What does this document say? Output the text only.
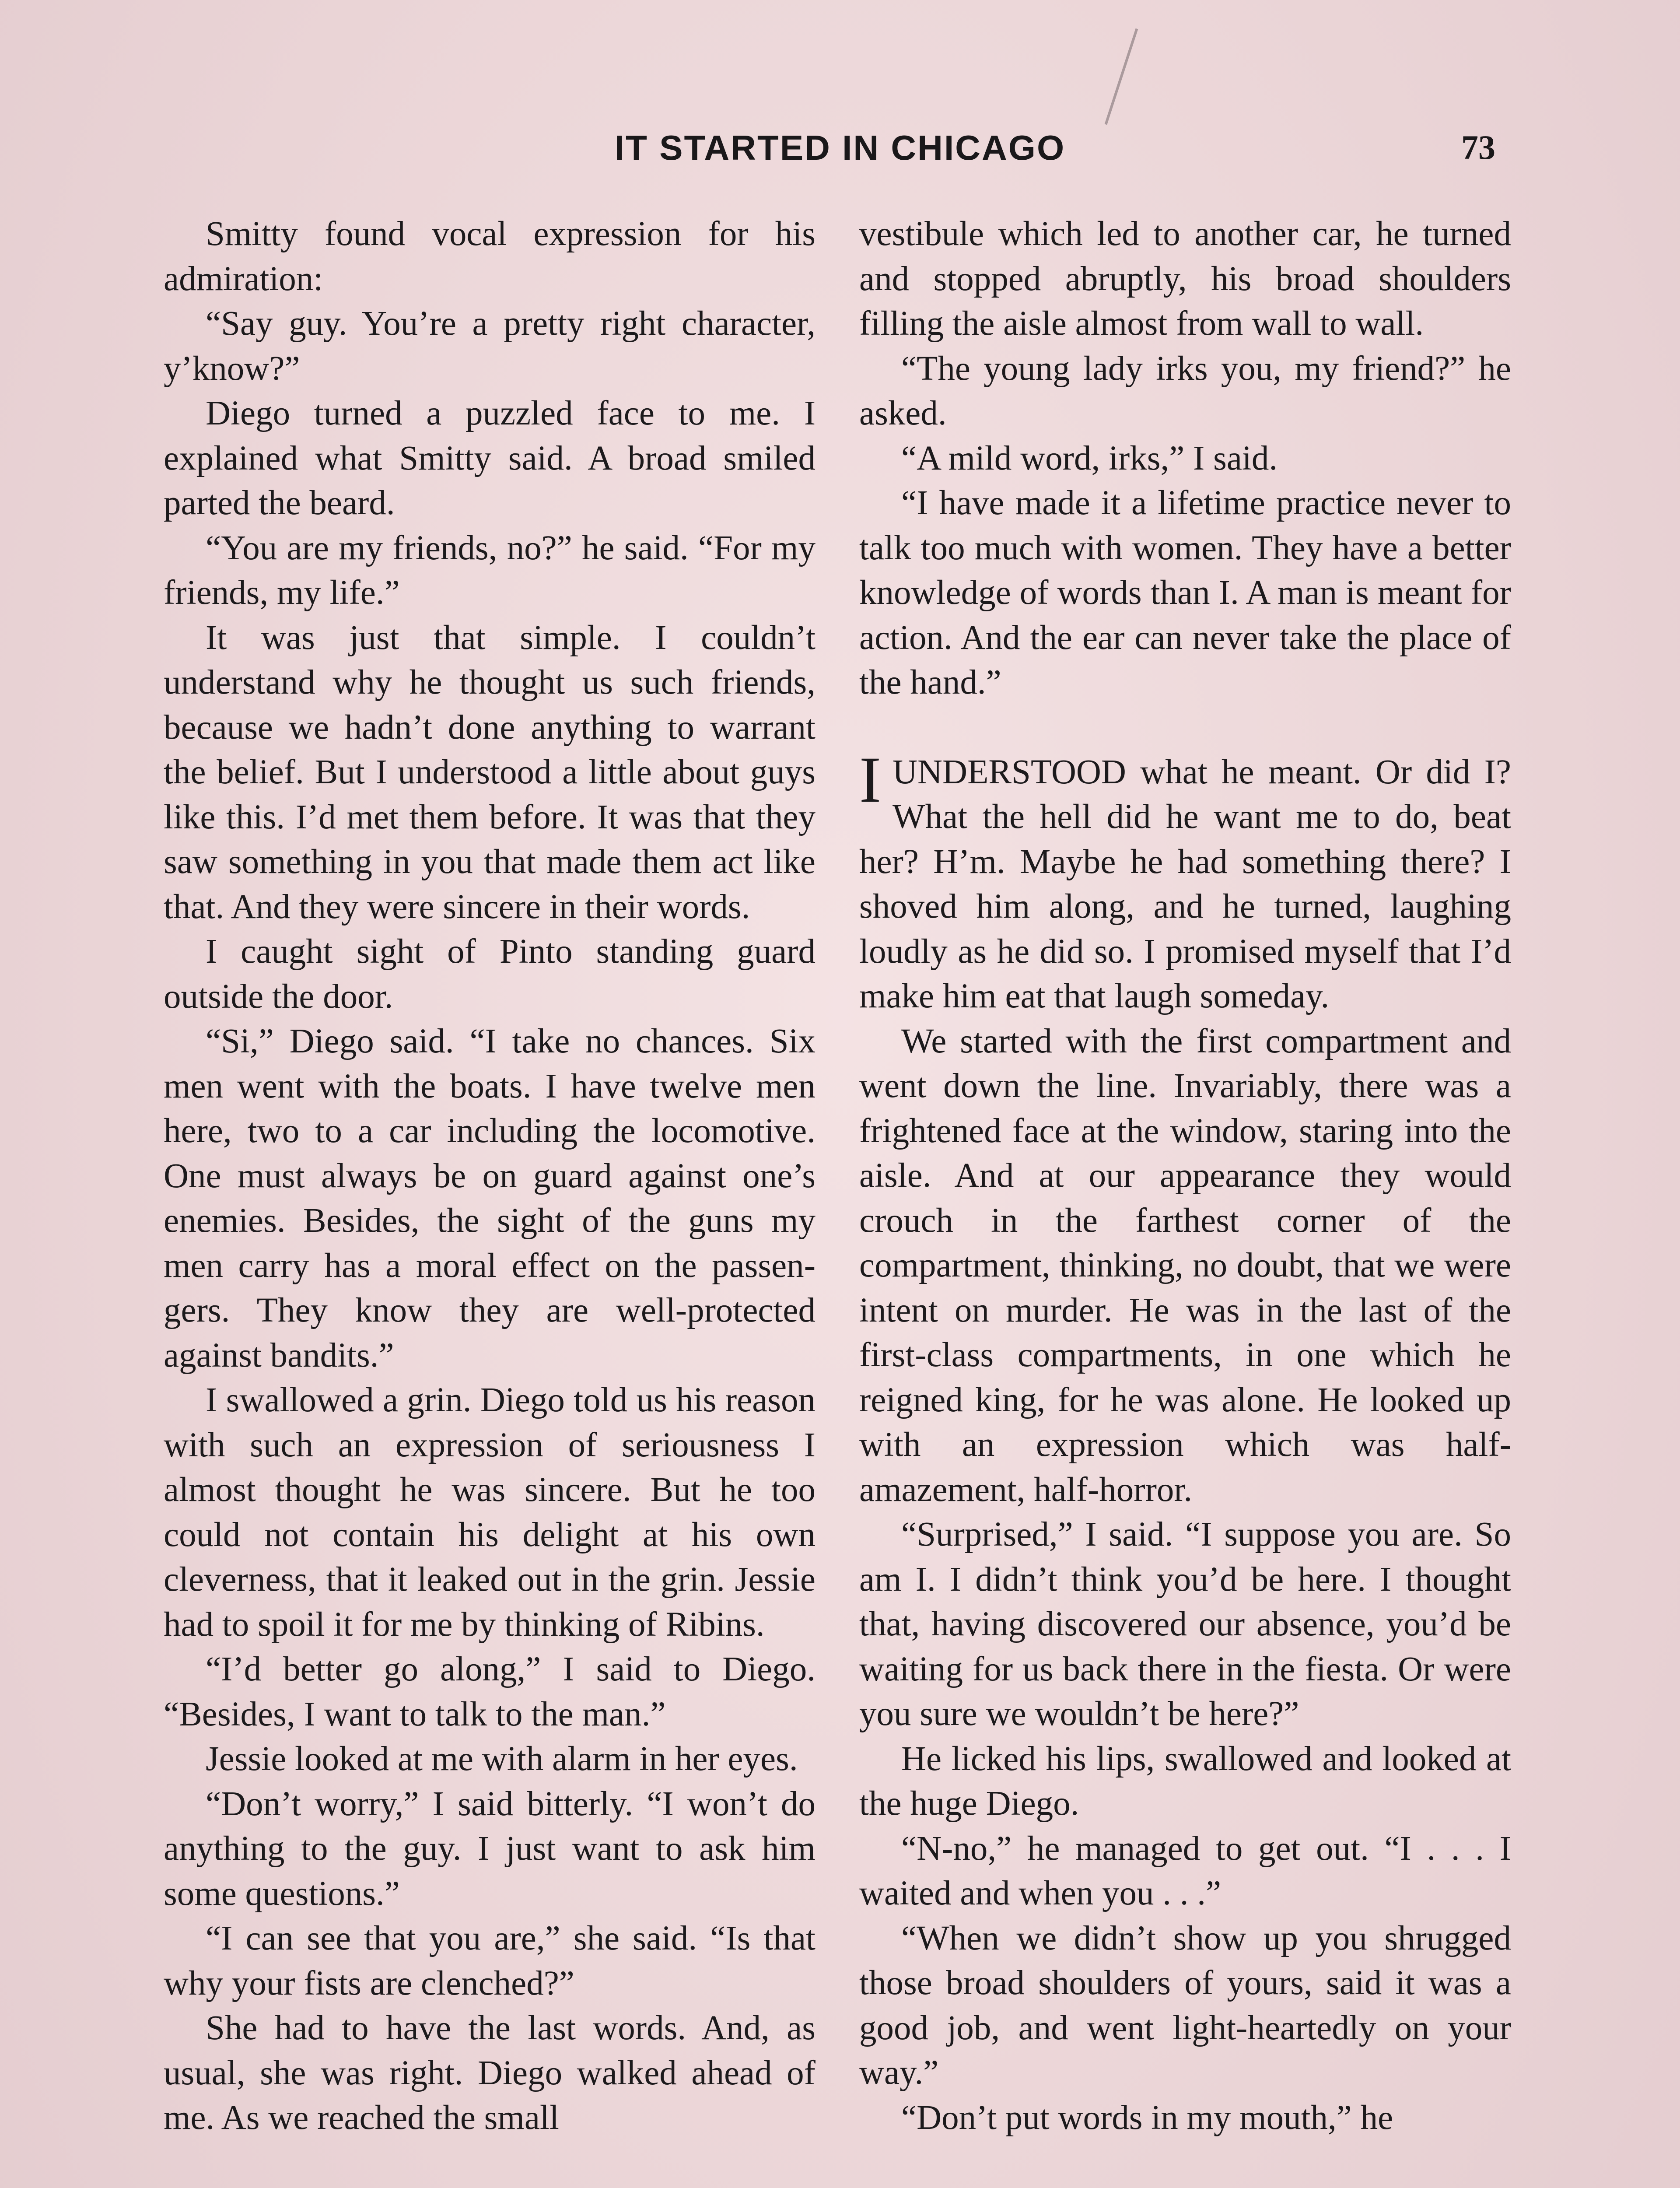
IT STARTED IN CHICAGO	73

Smitty found vocal expression for his admiration:

“Say guy. You’re a pretty right character, y’know?”

Diego turned a puzzled face to me. I explained what Smitty said. A broad smiled parted the beard.

“You are my friends, no?” he said. “For my friends, my life.”

It was just that simple. I couldn’t understand why he thought us such friends, because we hadn’t done anything to warrant the belief. But I understood a little about guys like this. I’d met them before. It was that they saw something in you that made them act like that. And they were sincere in their words.

I caught sight of Pinto standing guard outside the door.

“Si,” Diego said. “I take no chances. Six men went with the boats. I have twelve men here, two to a car including the locomotive. One must always be on guard against one’s enemies. Besides, the sight of the guns my men carry has a moral effect on the passengers. They know they are well-protected against bandits.”

I swallowed a grin. Diego told us his reason with such an expression of seriousness I almost thought he was sincere. But he too could not contain his delight at his own cleverness, that it leaked out in the grin. Jessie had to spoil it for me by thinking of Ribins.

“I’d better go along,” I said to Diego. “Besides, I want to talk to the man.”

Jessie looked at me with alarm in her eyes.

“Don’t worry,” I said bitterly. “I won’t do anything to the guy. I just want to ask him some questions.”

“I can see that you are,” she said. “Is that why your fists are clenched?”

She had to have the last words. And, as usual, she was right. Diego walked ahead of me. As we reached the small

vestibule which led to another car, he turned and stopped abruptly, his broad shoulders filling the aisle almost from wall to wall.

“The young lady irks you, my friend?” he asked.

“A mild word, irks,” I said.

“I have made it a lifetime practice never to talk too much with women. They have a better knowledge of words than I. A man is meant for action. And the ear can never take the place of the hand.”

IUNDERSTOOD what he meant. Or did I? What the hell did he want me to do, beat her? H’m. Maybe he had something there? I shoved him along, and he turned, laughing loudly as he did so. I promised myself that I’d make him eat that laugh someday.

We started with the first compartment and went down the line. Invariably, there was a frightened face at the window, staring into the aisle. And at our appearance they would crouch in the farthest corner of the compartment, thinking, no doubt, that we were intent on murder. He was in the last of the first-class compartments, in one which he reigned king, for he was alone. He looked up with an expression which was half-amazement, half-horror.

“Surprised,” I said. “I suppose you are. So am I. I didn’t think you’d be here. I thought that, having discovered our absence, you’d be waiting for us back there in the fiesta. Or were you sure we wouldn’t be here?”

He licked his lips, swallowed and looked at the huge Diego.

“N-no,” he managed to get out. “I . . . I waited and when you . . .”

“When we didn’t show up you shrugged those broad shoulders of yours, said it was a good job, and went light-heartedly on your way.”

“Don’t put words in my mouth,” he
